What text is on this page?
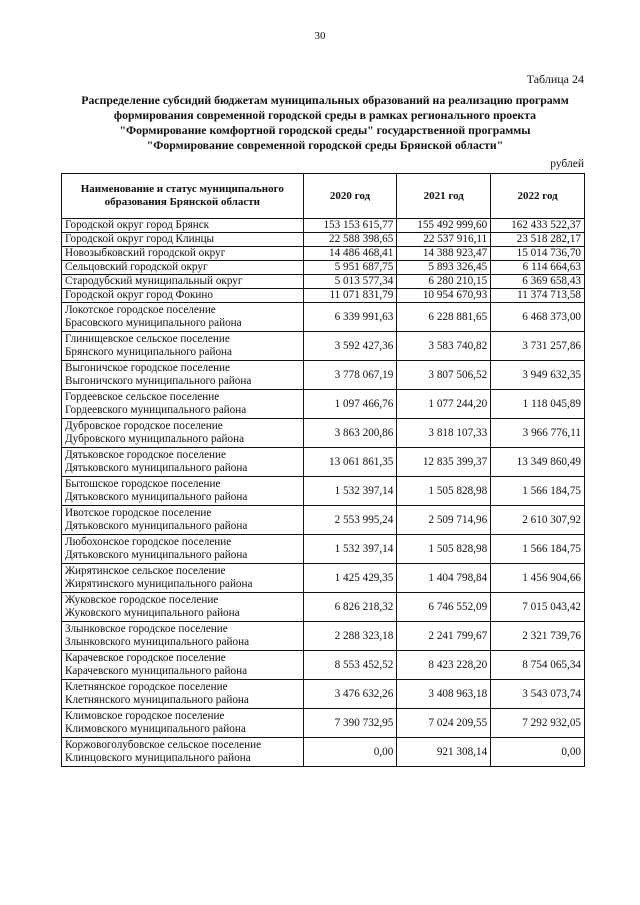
30
Таблица 24
Распределение субсидий бюджетам муниципальных образований на реализацию программ
формирования современной городской среды в рамках регионального проекта
"Формирование комфортной городской среды" государственной программы
"Формирование современной городской среды Брянской области"
рублей
Наименование и статус муниципального образования Брянской области	2020 год	2021 год	2022 год
Городской округ город Брянск	153 153 615,77	155 492 999,60	162 433 522,37
Городской округ город Клинцы	22 588 398,65	22 537 916,11	23 518 282,17
Новозыбковский городской округ	14 486 468,41	14 388 923,47	15 014 736,70
Сельцовский городской округ	5 951 687,75	5 893 326,45	6 114 664,63
Стародубский муниципальный округ	5 013 577,34	6 280 210,15	6 369 658,43
Городской округ город Фокино	11 071 831,79	10 954 670,93	11 374 713,58
Локотское городское поселение
Брасовского муниципального района	6 339 991,63	6 228 881,65	6 468 373,00
Глинищевское сельское поселение
Брянского муниципального района	3 592 427,36	3 583 740,82	3 731 257,86
Выгоничское городское поселение
Выгоничского муниципального района	3 778 067,19	3 807 506,52	3 949 632,35
Гордеевское сельское поселение
Гордеевского муниципального района	1 097 466,76	1 077 244,20	1 118 045,89
Дубровское городское поселение
Дубровского муниципального района	3 863 200,86	3 818 107,33	3 966 776,11
Дятьковское городское поселение
Дятьковского муниципального района	13 061 861,35	12 835 399,37	13 349 860,49
Бытошское городское поселение
Дятьковского муниципального района	1 532 397,14	1 505 828,98	1 566 184,75
Ивотское городское поселение
Дятьковского муниципального района	2 553 995,24	2 509 714,96	2 610 307,92
Любохонское городское поселение
Дятьковского муниципального района	1 532 397,14	1 505 828,98	1 566 184,75
Жирятинское сельское поселение
Жирятинского муниципального района	1 425 429,35	1 404 798,84	1 456 904,66
Жуковское городское поселение
Жуковского муниципального района	6 826 218,32	6 746 552,09	7 015 043,42
Злынковское городское поселение
Злынковского муниципального района	2 288 323,18	2 241 799,67	2 321 739,76
Карачевское городское поселение
Карачевского муниципального района	8 553 452,52	8 423 228,20	8 754 065,34
Клетнянское городское поселение
Клетнянского муниципального района	3 476 632,26	3 408 963,18	3 543 073,74
Климовское городское поселение
Климовского муниципального района	7 390 732,95	7 024 209,55	7 292 932,05
Коржовоголубовское сельское поселение
Клинцовского муниципального района	0,00	921 308,14	0,00
